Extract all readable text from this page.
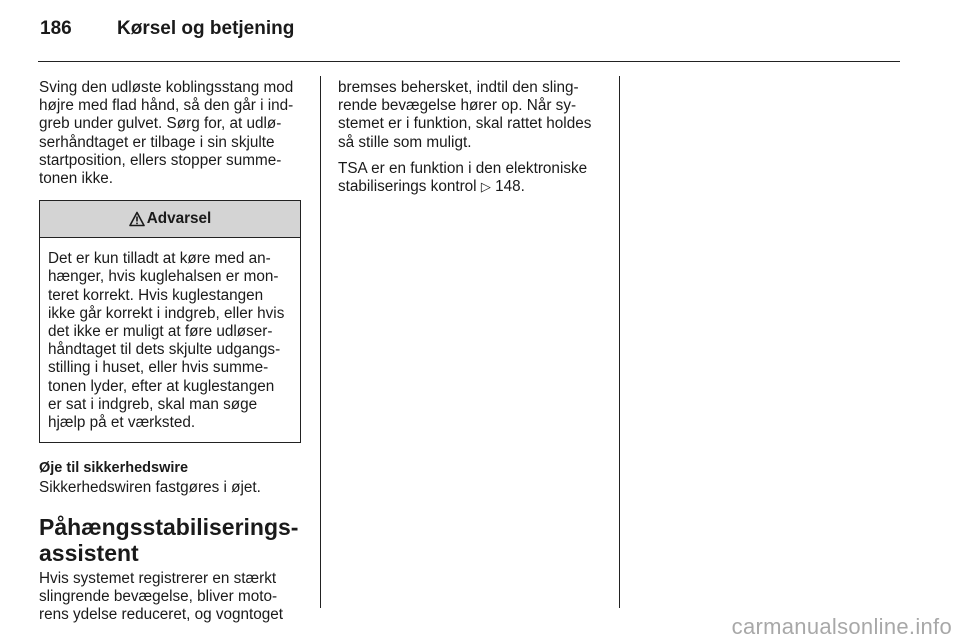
186 Kørsel og betjening

Sving den udløste koblingsstang mod
højre med flad hånd, så den går i ind-
greb under gulvet. Sørg for, at udlø-
serhåndtaget er tilbage i sin skjulte
startposition, ellers stopper summe-
tonen ikke.

Advarsel
Det er kun tilladt at køre med an-
hænger, hvis kuglehalsen er mon-
teret korrekt. Hvis kuglestangen
ikke går korrekt i indgreb, eller hvis
det ikke er muligt at føre udløser-
håndtaget til dets skjulte udgangs-
stilling i huset, eller hvis summe-
tonen lyder, efter at kuglestangen
er sat i indgreb, skal man søge
hjælp på et værksted.
Øje til sikkerhedswire

Sikkerhedswiren fastgøres i øjet.

Påhængsstabiliserings-
assistent

Hvis systemet registrerer en stærkt
slingrende bevægelse, bliver moto-
rens ydelse reduceret, og vogntoget

bremses behersket, indtil den sling-
rende bevægelse hører op. Når sy-
stemet er i funktion, skal rattet holdes
så stille som muligt.

TSA er en funktion i den elektroniske
stabiliserings kontrol ▷ 148.

carmanualsonline.info
